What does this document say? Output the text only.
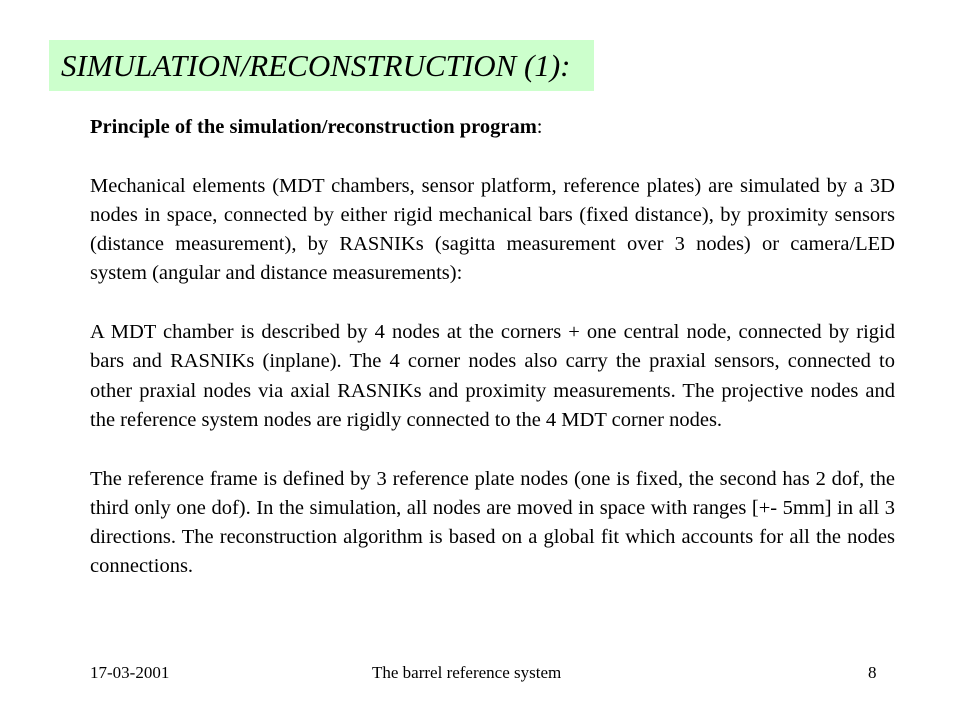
SIMULATION/RECONSTRUCTION (1):

Principle of the simulation/reconstruction program:

Mechanical elements (MDT chambers, sensor platform, reference plates) are simulated by a 3D nodes in space, connected by either rigid mechanical bars (fixed distance), by proximity sensors (distance measurement), by RASNIKs (sagitta measurement over 3 nodes) or camera/LED system (angular and distance measurements):

A MDT chamber is described by 4 nodes at the corners + one central node, connected by rigid bars and RASNIKs (inplane). The 4 corner nodes also carry the praxial sensors, connected to other praxial nodes via axial RASNIKs and proximity measurements. The projective nodes and the reference system nodes are rigidly connected to the 4 MDT corner nodes.

The reference frame is defined by 3 reference plate nodes (one is fixed, the second has 2 dof, the third only one dof). In the simulation, all nodes are moved in space with ranges [+- 5mm] in all 3 directions. The reconstruction algorithm is based on a global fit which accounts for all the nodes connections.

17-03-2001	The barrel reference system	8
